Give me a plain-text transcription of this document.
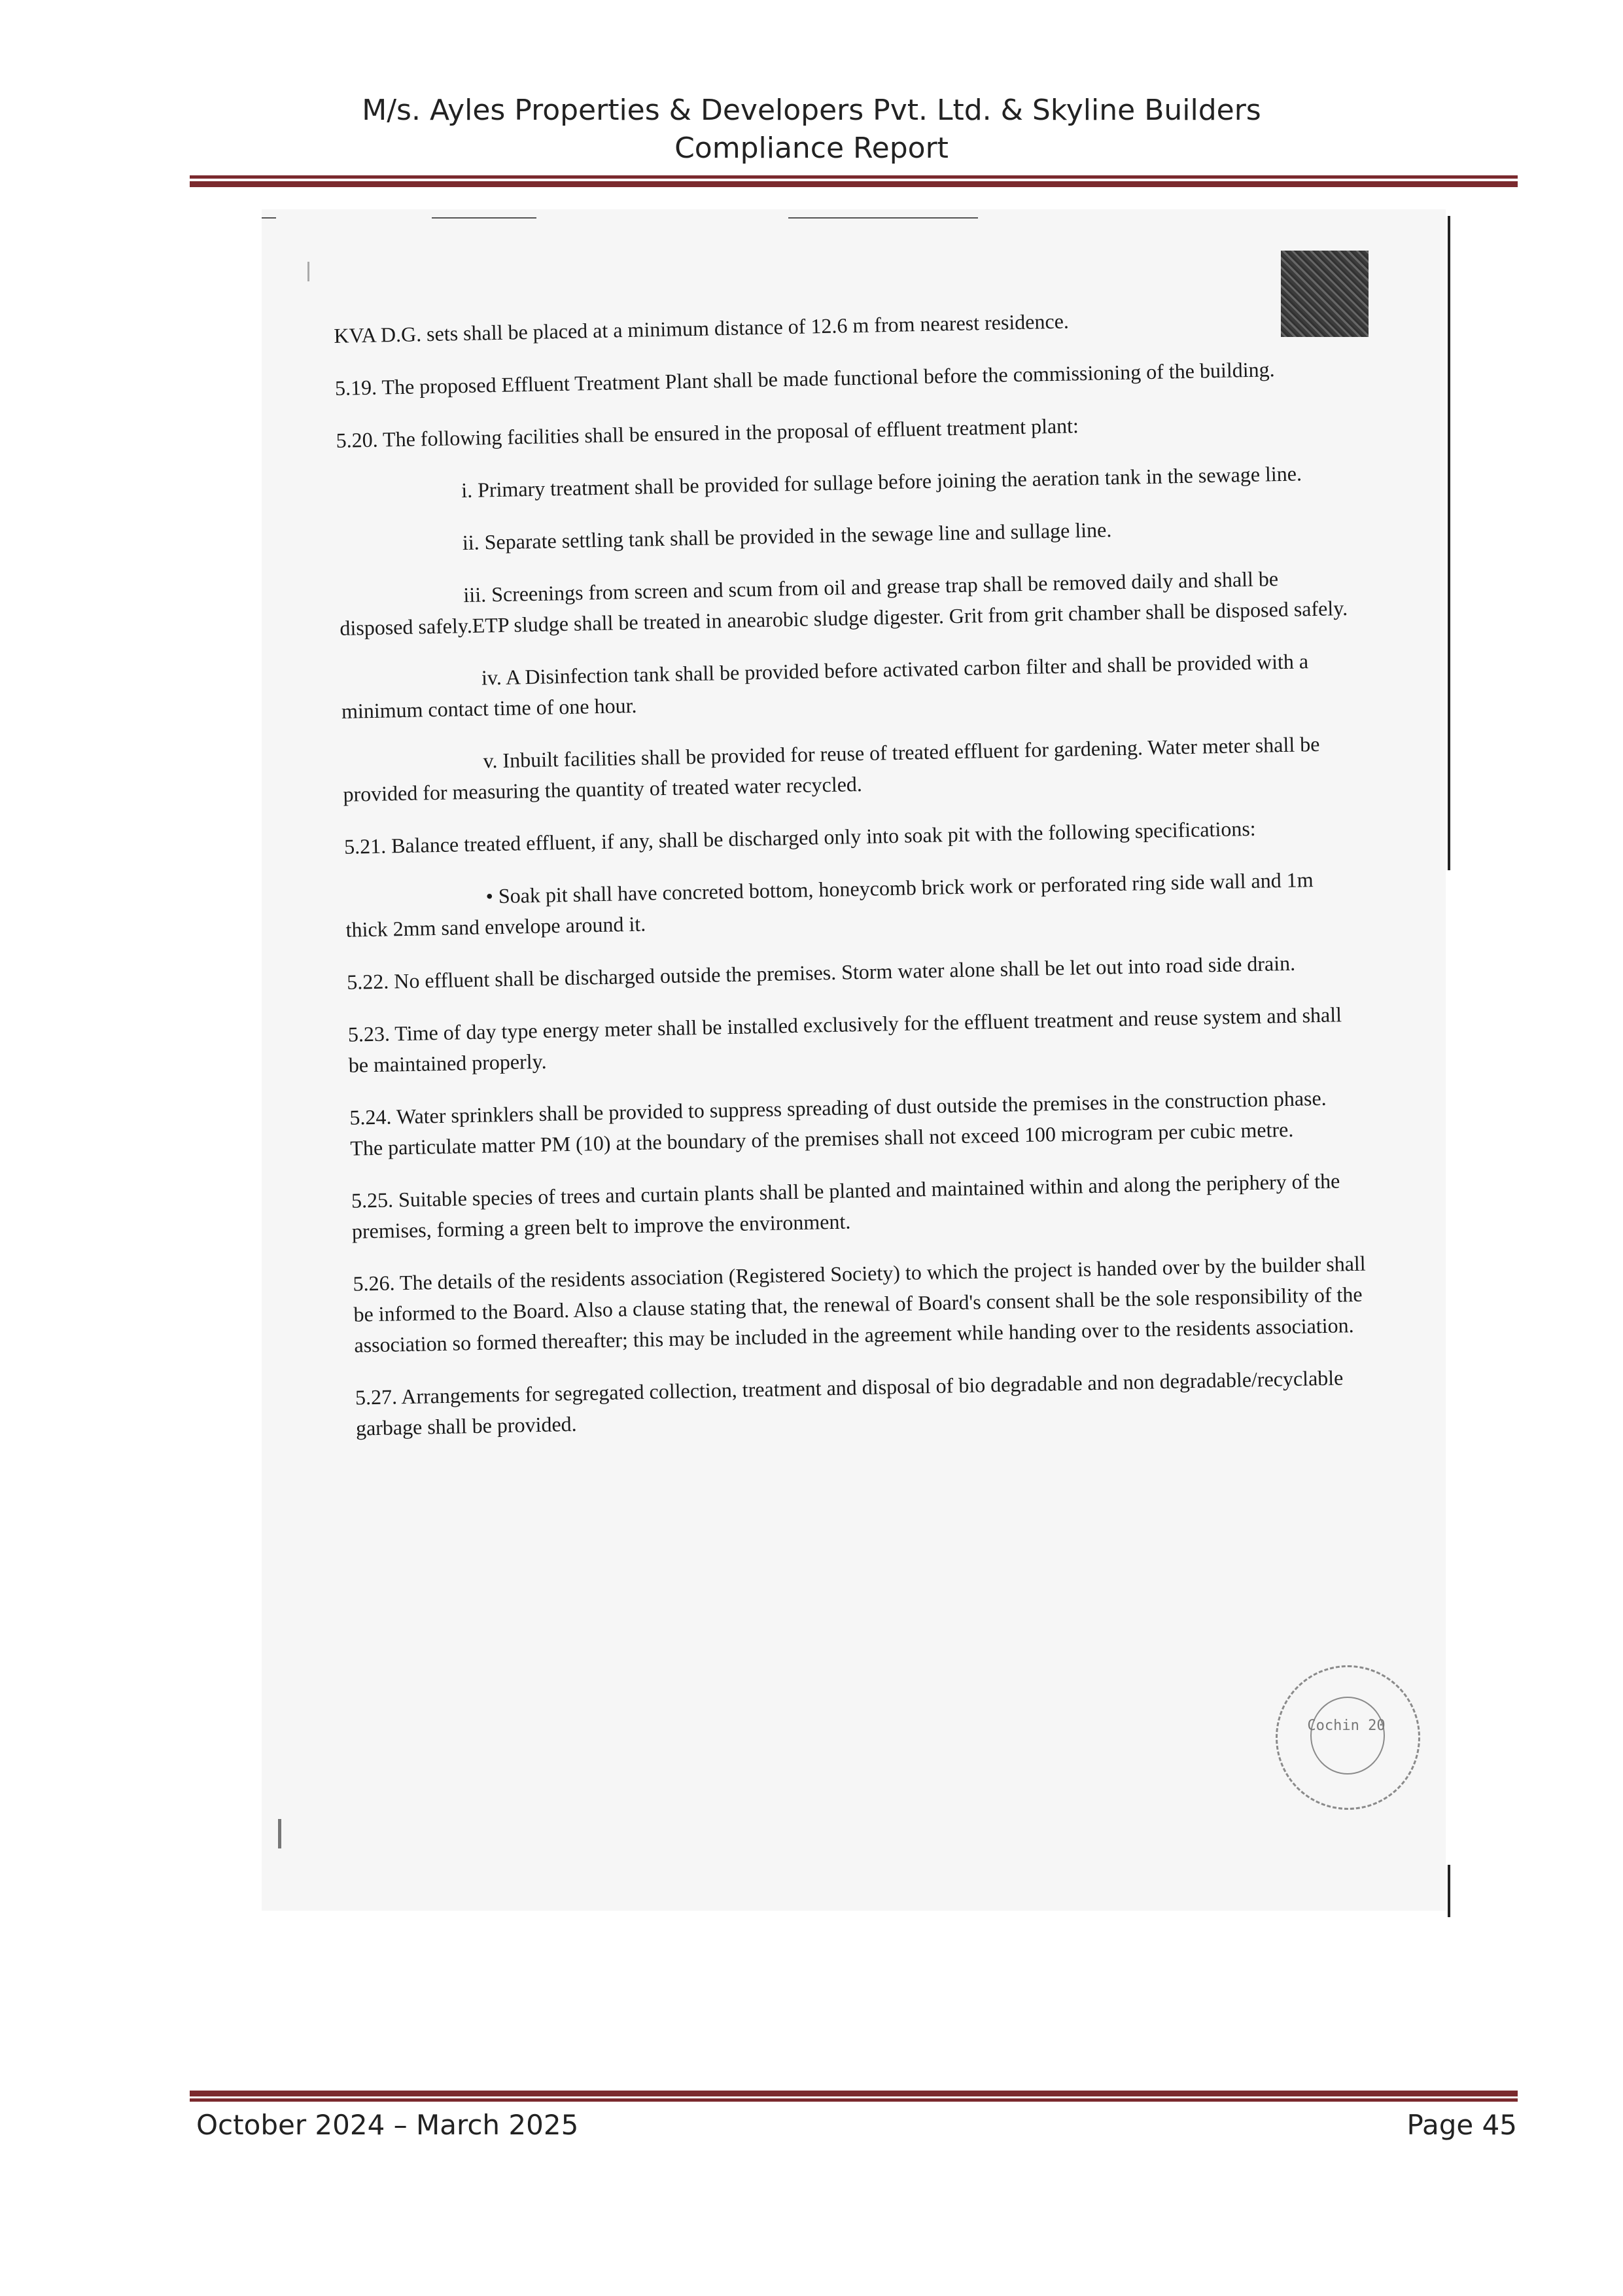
M/s. Ayles Properties & Developers Pvt. Ltd. & Skyline Builders
Compliance Report

KVA D.G. sets shall be placed at a minimum distance of 12.6 m from nearest residence.

5.19. The proposed Effluent Treatment Plant shall be made functional before the commissioning of the building.

5.20. The following facilities shall be ensured in the proposal of effluent treatment plant:

i. Primary treatment shall be provided for sullage before joining the aeration tank in the sewage line.

ii. Separate settling tank shall be provided in the sewage line and sullage line.

iii. Screenings from screen and scum from oil and grease trap shall be removed daily and shall be disposed safely.ETP sludge shall be treated in anearobic sludge digester. Grit from grit chamber shall be disposed safely.

iv. A Disinfection tank shall be provided before activated carbon filter and shall be provided with a minimum contact time of one hour.

v. Inbuilt facilities shall be provided for reuse of treated effluent for gardening. Water meter shall be provided for measuring the quantity of treated water recycled.

5.21. Balance treated effluent, if any, shall be discharged only into soak pit with the following specifications:

• Soak pit shall have concreted bottom, honeycomb brick work or perforated ring side wall and 1m thick 2mm sand envelope around it.

5.22. No effluent shall be discharged outside the premises. Storm water alone shall be let out into road side drain.

5.23. Time of day type energy meter shall be installed exclusively for the effluent treatment and reuse system and shall be maintained properly.

5.24. Water sprinklers shall be provided to suppress spreading of dust outside the premises in the construction phase. The particulate matter PM (10) at the boundary of the premises shall not exceed 100 microgram per cubic metre.

5.25. Suitable species of trees and curtain plants shall be planted and maintained within and along the periphery of the premises, forming a green belt to improve the environment.

5.26. The details of the residents association (Registered Society) to which the project is handed over by the builder shall be informed to the Board. Also a clause stating that, the renewal of Board's consent shall be the sole responsibility of the association so formed thereafter; this may be included in the agreement while handing over to the residents association.

5.27. Arrangements for segregated collection, treatment and disposal of bio degradable and non degradable/recyclable garbage shall be provided.

Cochin 20
October 2024 – March 2025	Page 45
